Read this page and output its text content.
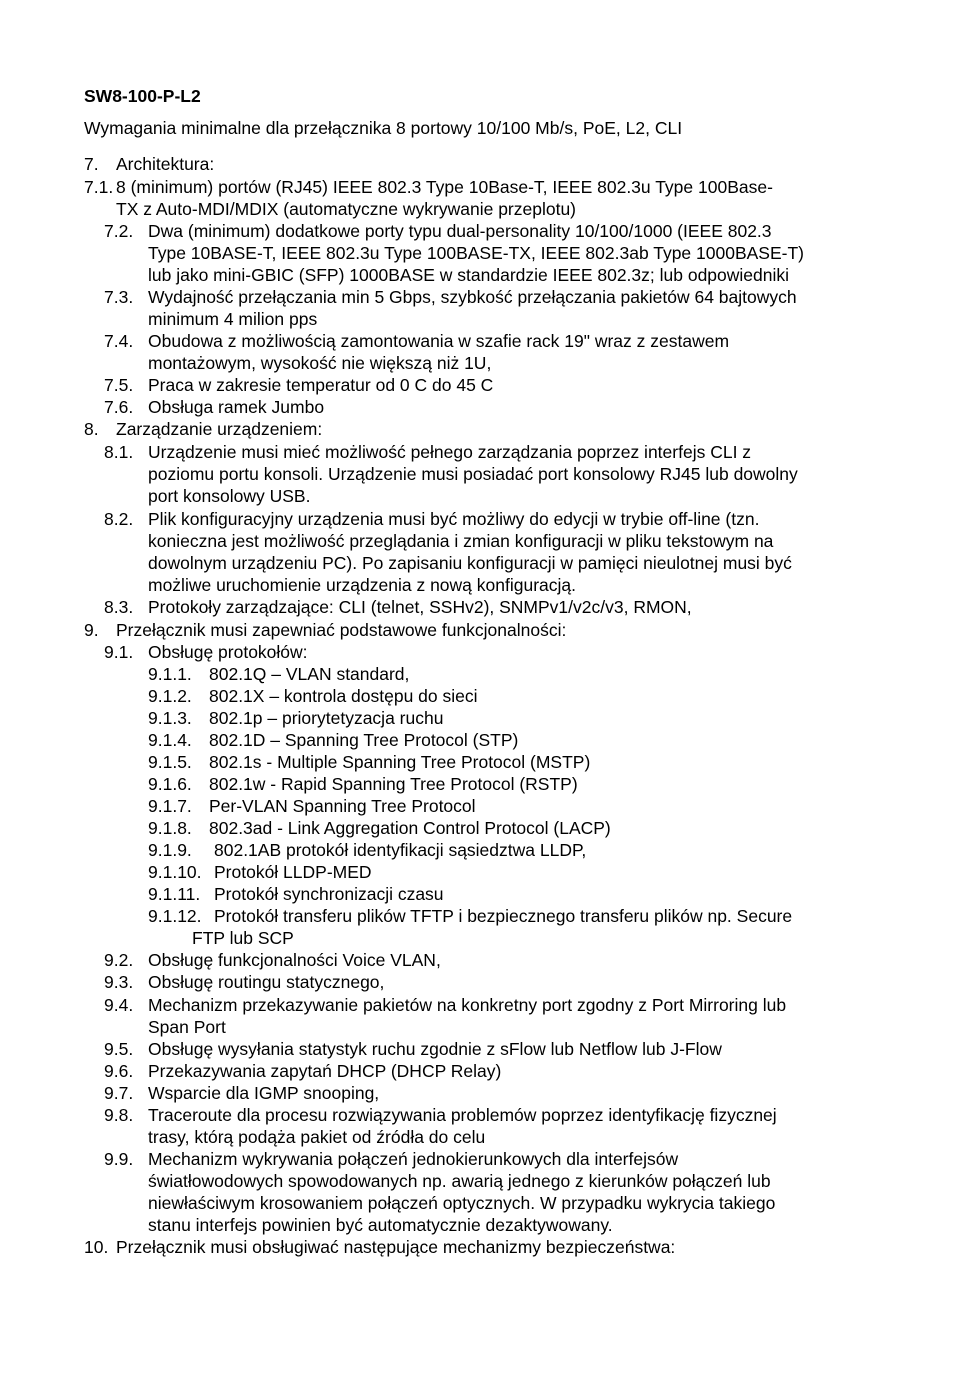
SW8-100-P-L2
Wymagania minimalne dla przełącznika 8 portowy 10/100 Mb/s, PoE, L2, CLI
7. Architektura:
7.1. 8 (minimum) portów (RJ45) IEEE 802.3 Type 10Base-T, IEEE 802.3u Type 100Base-
TX z Auto-MDI/MDIX (automatyczne wykrywanie przeplotu)
7.2. Dwa (minimum) dodatkowe porty typu dual-personality 10/100/1000 (IEEE 802.3
Type 10BASE-T, IEEE 802.3u Type 100BASE-TX, IEEE 802.3ab Type 1000BASE-T)
lub jako mini-GBIC (SFP) 1000BASE w standardzie IEEE 802.3z; lub odpowiedniki
7.3. Wydajność przełączania min 5 Gbps, szybkość przełączania pakietów 64 bajtowych
minimum 4 milion pps
7.4. Obudowa z możliwością zamontowania w szafie rack 19" wraz z zestawem
montażowym, wysokość nie większą niż 1U,
7.5. Praca w zakresie temperatur od 0 C do 45 C
7.6. Obsługa ramek Jumbo
8. Zarządzanie urządzeniem:
8.1. Urządzenie musi mieć możliwość pełnego zarządzania poprzez interfejs CLI z
poziomu portu konsoli. Urządzenie musi posiadać port konsolowy RJ45 lub dowolny
port konsolowy USB.
8.2. Plik konfiguracyjny urządzenia musi być możliwy do edycji w trybie off-line (tzn.
konieczna jest możliwość przeglądania i zmian konfiguracji w pliku tekstowym na
dowolnym urządzeniu PC). Po zapisaniu konfiguracji w pamięci nieulotnej musi być
możliwe uruchomienie urządzenia z nową konfiguracją.
8.3. Protokoły zarządzające: CLI (telnet, SSHv2), SNMPv1/v2c/v3, RMON,
9. Przełącznik musi zapewniać podstawowe funkcjonalności:
9.1. Obsługę protokołów:
9.1.1. 802.1Q – VLAN standard,
9.1.2. 802.1X – kontrola dostępu do sieci
9.1.3. 802.1p – priorytetyzacja ruchu
9.1.4. 802.1D – Spanning Tree Protocol (STP)
9.1.5. 802.1s - Multiple Spanning Tree Protocol (MSTP)
9.1.6. 802.1w - Rapid Spanning Tree Protocol (RSTP)
9.1.7. Per-VLAN Spanning Tree Protocol
9.1.8. 802.3ad - Link Aggregation Control Protocol (LACP)
9.1.9. 802.1AB protokół identyfikacji sąsiedztwa LLDP,
9.1.10. Protokół LLDP-MED
9.1.11. Protokół synchronizacji czasu
9.1.12. Protokół transferu plików TFTP i bezpiecznego transferu plików np. Secure
FTP lub SCP
9.2. Obsługę funkcjonalności Voice VLAN,
9.3. Obsługę routingu statycznego,
9.4. Mechanizm przekazywanie pakietów na konkretny port zgodny z Port Mirroring lub
Span Port
9.5. Obsługę wysyłania statystyk ruchu zgodnie z sFlow lub Netflow lub J-Flow
9.6. Przekazywania zapytań DHCP (DHCP Relay)
9.7. Wsparcie dla IGMP snooping,
9.8. Traceroute dla procesu rozwiązywania problemów poprzez identyfikację fizycznej
trasy, którą podąża pakiet od źródła do celu
9.9. Mechanizm wykrywania połączeń jednokierunkowych dla interfejsów
światłowodowych spowodowanych np. awarią jednego z kierunków połączeń lub
niewłaściwym krosowaniem połączeń optycznych. W przypadku wykrycia takiego
stanu interfejs powinien być automatycznie dezaktywowany.
10. Przełącznik musi obsługiwać następujące mechanizmy bezpieczeństwa:
